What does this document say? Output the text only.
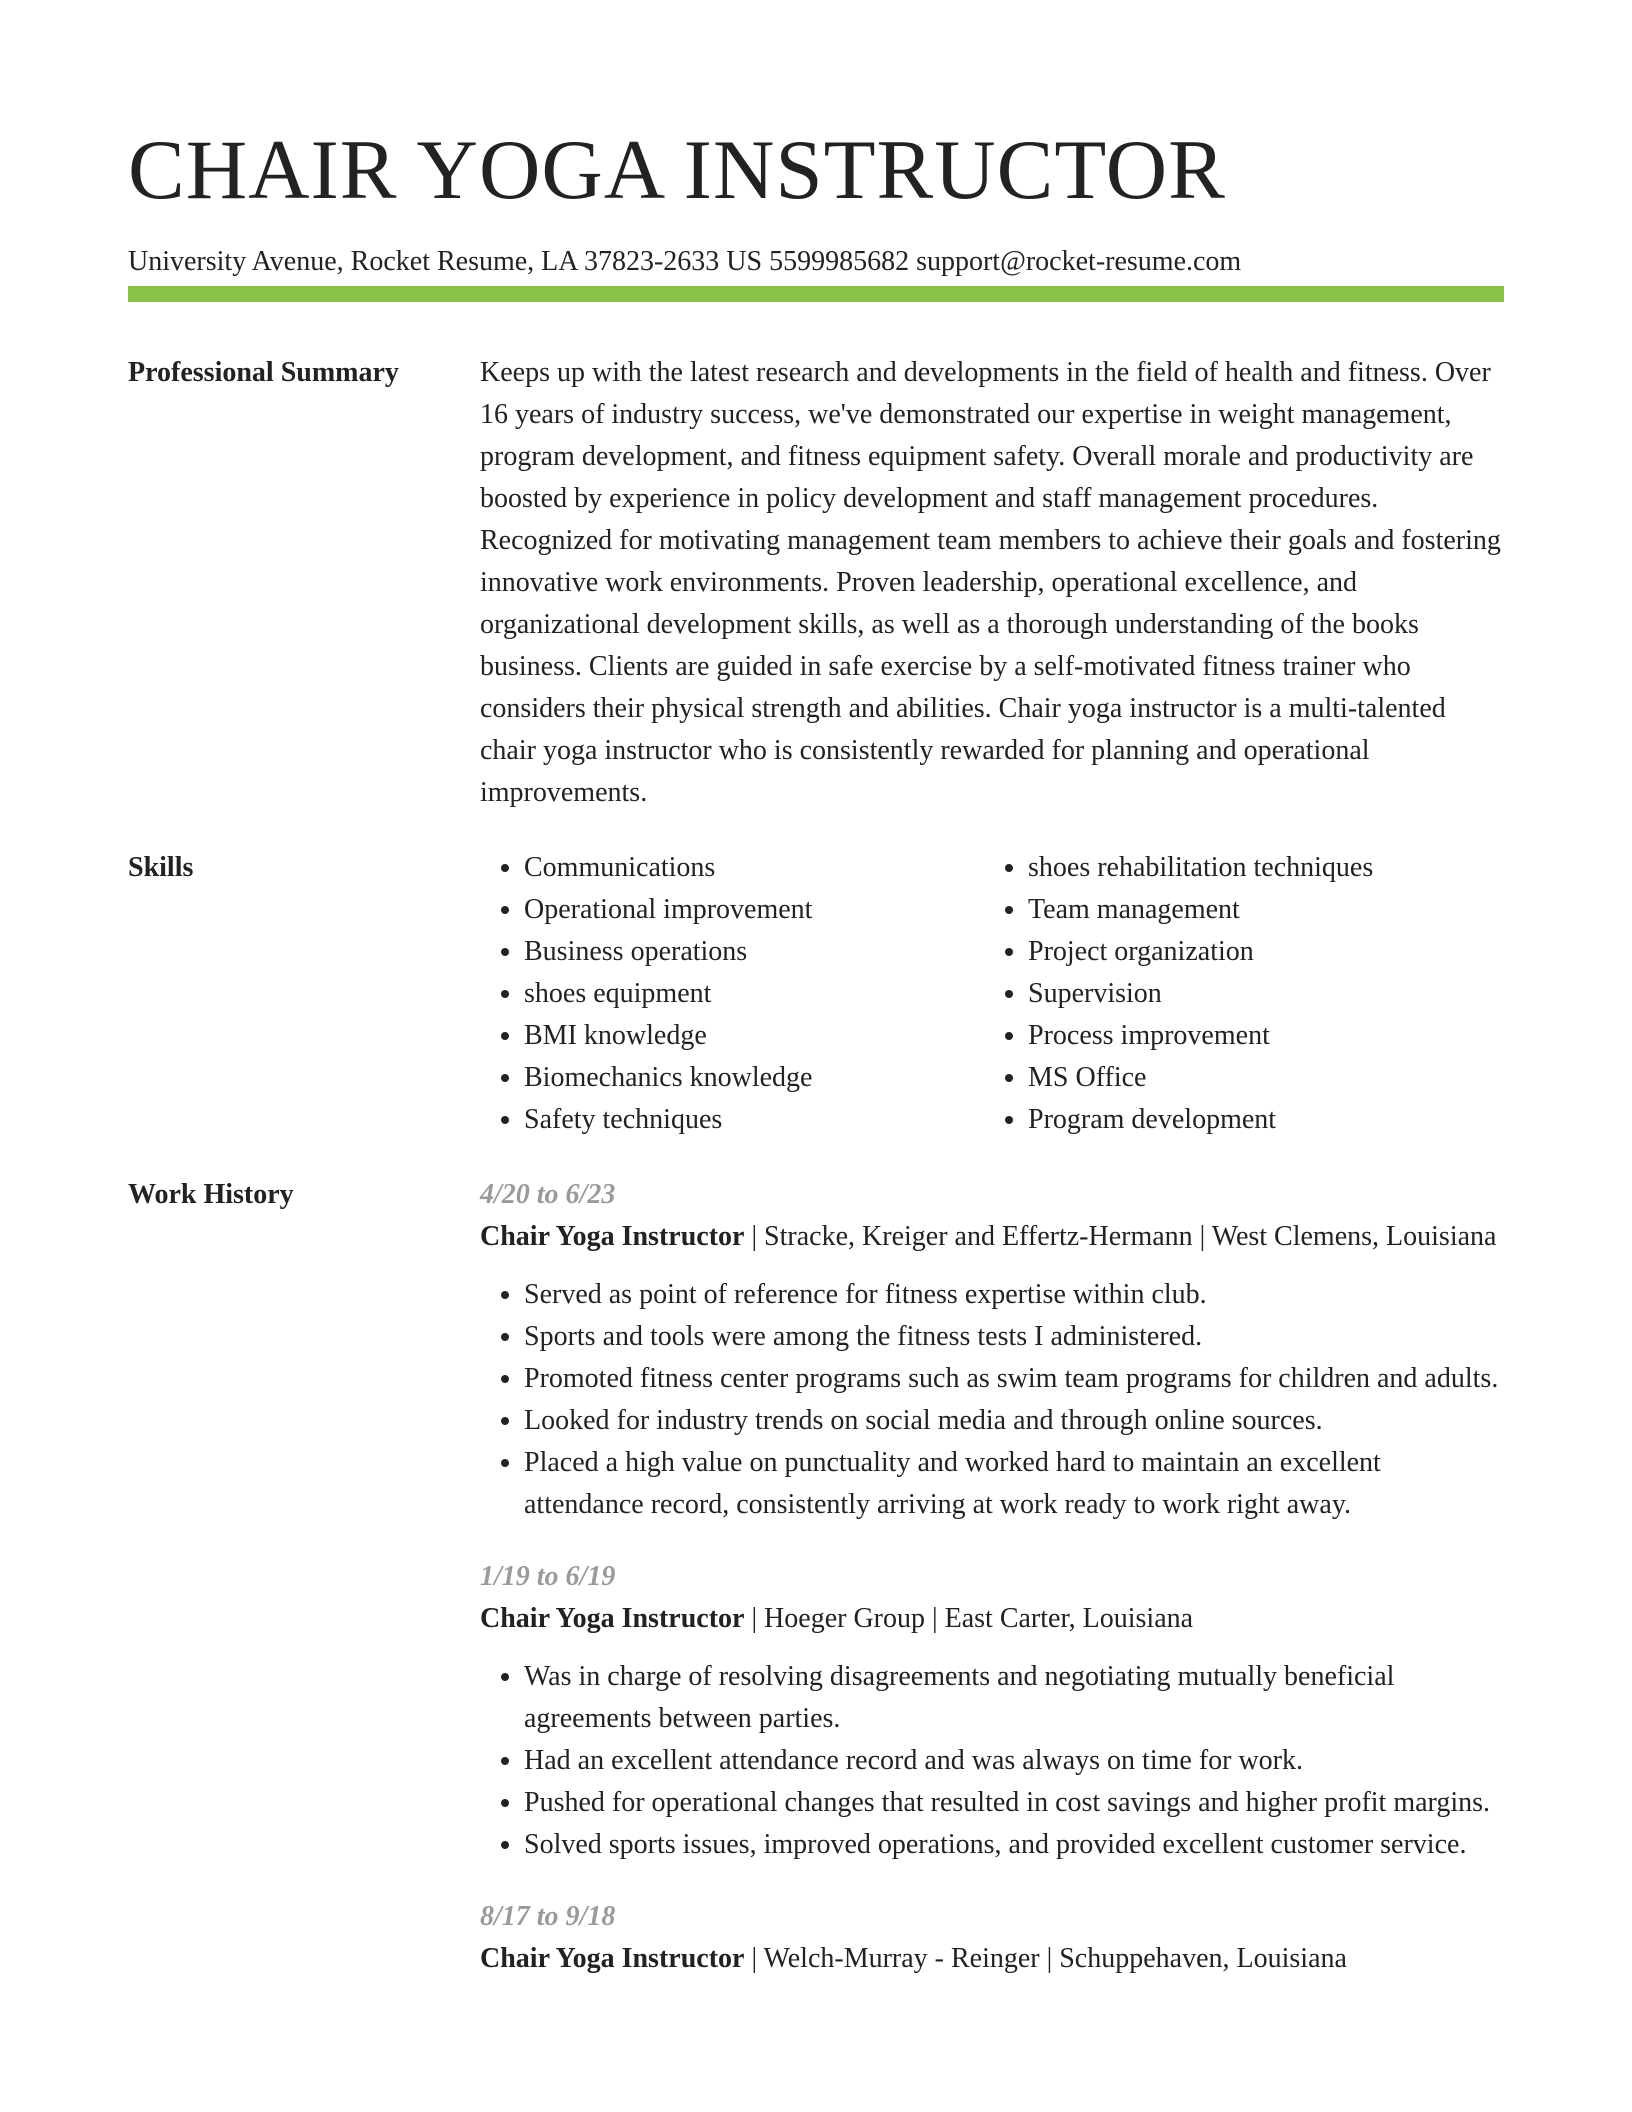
CHAIR YOGA INSTRUCTOR
University Avenue, Rocket Resume, LA 37823-2633 US 5599985682 support@rocket-resume.com
Professional Summary	Keeps up with the latest research and developments in the field of health and fitness. Over 16 years of industry success, we've demonstrated our expertise in weight management, program development, and fitness equipment safety. Overall morale and productivity are boosted by experience in policy development and staff management procedures. Recognized for motivating management team members to achieve their goals and fostering innovative work environments. Proven leadership, operational excellence, and organizational development skills, as well as a thorough understanding of the books business. Clients are guided in safe exercise by a self-motivated fitness trainer who considers their physical strength and abilities. Chair yoga instructor is a multi-talented chair yoga instructor who is consistently rewarded for planning and operational improvements.

Skills
•	Communications
• Operational improvement
• Business operations
• shoes equipment
• BMI knowledge
• Biomechanics knowledge
• Safety techniques
• shoes rehabilitation techniques
• Team management
• Project organization
• Supervision
• Process improvement
• MS Office
• Program development
Work History	4/20 to 6/23

Chair Yoga Instructor | Stracke, Kreiger and Effertz-Hermann | West Clemens, Louisiana

• Served as point of reference for fitness expertise within club.
• Sports and tools were among the fitness tests I administered.
• Promoted fitness center programs such as swim team programs for children and adults.
• Looked for industry trends on social media and through online sources.
• Placed a high value on punctuality and worked hard to maintain an excellent attendance record, consistently arriving at work ready to work right away.
1/19 to 6/19

Chair Yoga Instructor | Hoeger Group | East Carter, Louisiana

• Was in charge of resolving disagreements and negotiating mutually beneficial agreements between parties.
• Had an excellent attendance record and was always on time for work.
• Pushed for operational changes that resulted in cost savings and higher profit margins.
• Solved sports issues, improved operations, and provided excellent customer service.
8/17 to 9/18

Chair Yoga Instructor | Welch-Murray - Reinger | Schuppehaven, Louisiana
